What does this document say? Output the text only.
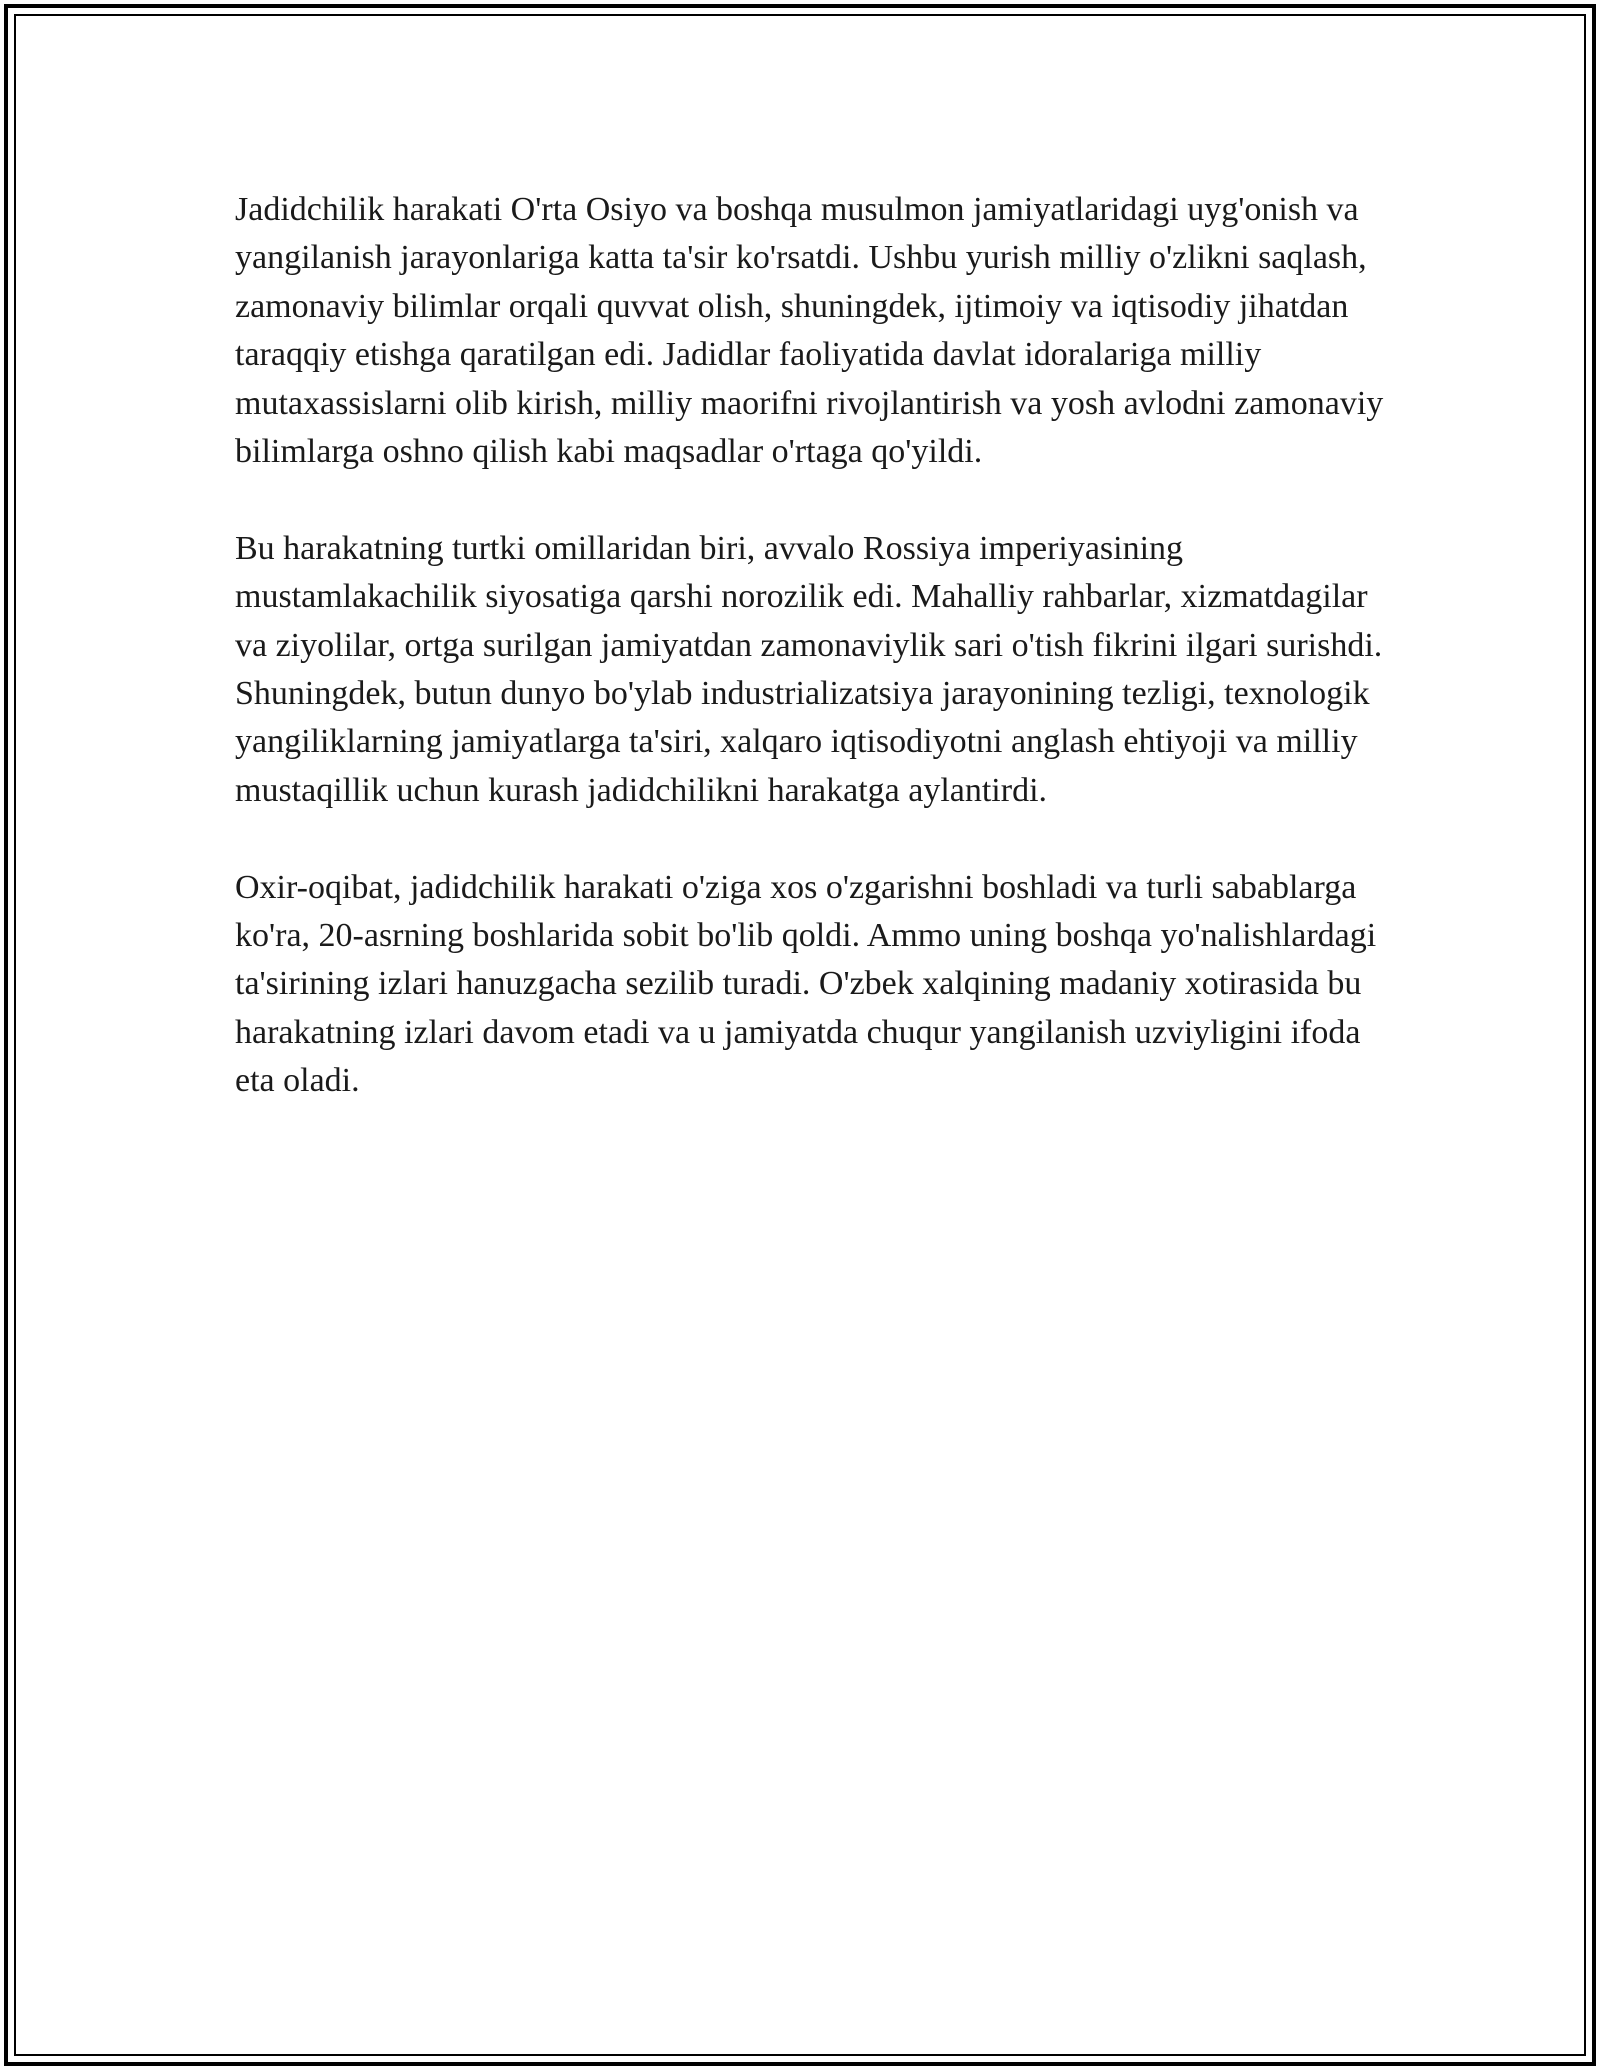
Jadidchilik harakati O'rta Osiyo va boshqa musulmon jamiyatlaridagi uyg'onish va yangilanish jarayonlariga katta ta'sir ko'rsatdi. Ushbu yurish milliy o'zlikni saqlash, zamonaviy bilimlar orqali quvvat olish, shuningdek, ijtimoiy va iqtisodiy jihatdan taraqqiy etishga qaratilgan edi. Jadidlar faoliyatida davlat idoralariga milliy mutaxassislarni olib kirish, milliy maorifni rivojlantirish va yosh avlodni zamonaviy bilimlarga oshno qilish kabi maqsadlar o'rtaga qo'yildi.

Bu harakatning turtki omillaridan biri, avvalo Rossiya imperiyasining mustamlakachilik siyosatiga qarshi norozilik edi. Mahalliy rahbarlar, xizmatdagilar va ziyolilar, ortga surilgan jamiyatdan zamonaviylik sari o'tish fikrini ilgari surishdi. Shuningdek, butun dunyo bo'ylab industrializatsiya jarayonining tezligi, texnologik yangiliklarning jamiyatlarga ta'siri, xalqaro iqtisodiyotni anglash ehtiyoji va milliy mustaqillik uchun kurash jadidchilikni harakatga aylantirdi.

Oxir-oqibat, jadidchilik harakati o'ziga xos o'zgarishni boshladi va turli sabablarga ko'ra, 20-asrning boshlarida sobit bo'lib qoldi. Ammo uning boshqa yo'nalishlardagi ta'sirining izlari hanuzgacha sezilib turadi. O'zbek xalqining madaniy xotirasida bu harakatning izlari davom etadi va u jamiyatda chuqur yangilanish uzviyligini ifoda eta oladi.
